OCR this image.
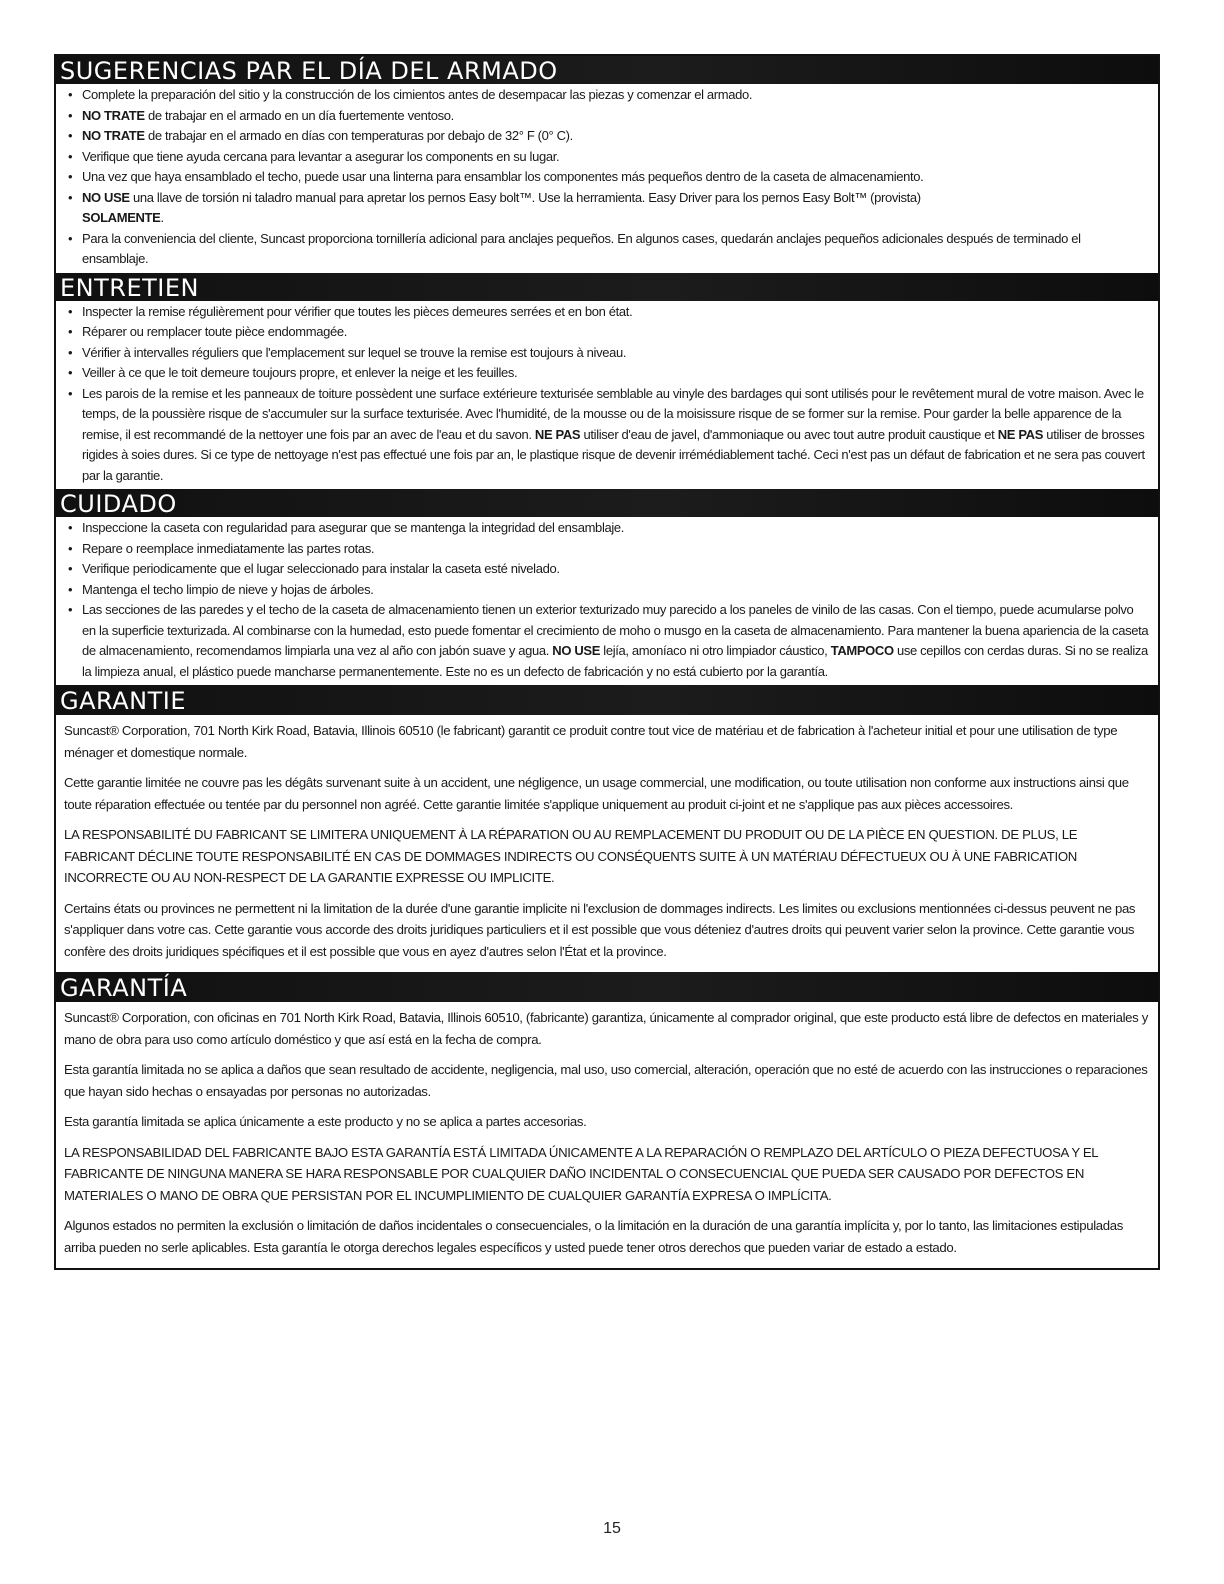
SUGERENCIAS PAR EL DÍA DEL ARMADO
• Complete la preparación del sitio y la construcción de los cimientos antes de desempacar las piezas y comenzar el armado.
• NO TRATE de trabajar en el armado en un día fuertemente ventoso.
• NO TRATE de trabajar en el armado en días con temperaturas por debajo de 32° F (0° C).
• Verifique que tiene ayuda cercana para levantar a asegurar los components en su lugar.
• Una vez que haya ensamblado el techo, puede usar una linterna para ensamblar los componentes más pequeños dentro de la caseta de almacenamiento.
• NO USE una llave de torsión ni taladro manual para apretar los pernos Easy bolt™. Use la herramienta. Easy Driver para los pernos Easy Bolt™ (provista)
SOLAMENTE.
• Para la conveniencia del cliente, Suncast proporciona tornillería adicional para anclajes pequeños. En algunos cases, quedarán anclajes pequeños adicionales después de terminado el ensamblaje.
ENTRETIEN
• Inspecter la remise régulièrement pour vérifier que toutes les pièces demeures serrées et en bon état.
• Réparer ou remplacer toute pièce endommagée.
• Vérifier à intervalles réguliers que l'emplacement sur lequel se trouve la remise est toujours à niveau.
• Veiller à ce que le toit demeure toujours propre, et enlever la neige et les feuilles.
• Les parois de la remise et les panneaux de toiture possèdent une surface extérieure texturisée semblable au vinyle des bardages qui sont utilisés pour le revêtement mural de votre maison. Avec le temps, de la poussière risque de s'accumuler sur la surface texturisée. Avec l'humidité, de la mousse ou de la moisissure risque de se former sur la remise. Pour garder la belle apparence de la remise, il est recommandé de la nettoyer une fois par an avec de l'eau et du savon. NE PAS utiliser d'eau de javel, d'ammoniaque ou avec tout autre produit caustique et NE PAS utiliser de brosses rigides à soies dures. Si ce type de nettoyage n'est pas effectué une fois par an, le plastique risque de devenir irrémédiablement taché. Ceci n'est pas un défaut de fabrication et ne sera pas couvert par la garantie.
CUIDADO
• Inspeccione la caseta con regularidad para asegurar que se mantenga la integridad del ensamblaje.
• Repare o reemplace inmediatamente las partes rotas.
• Verifique periodicamente que el lugar seleccionado para instalar la caseta esté nivelado.
• Mantenga el techo limpio de nieve y hojas de árboles.
• Las secciones de las paredes y el techo de la caseta de almacenamiento tienen un exterior texturizado muy parecido a los paneles de vinilo de las casas. Con el tiempo, puede acumularse polvo en la superficie texturizada. Al combinarse con la humedad, esto puede fomentar el crecimiento de moho o musgo en la caseta de almacenamiento. Para mantener la buena apariencia de la caseta de almacenamiento, recomendamos limpiarla una vez al año con jabón suave y agua. NO USE lejía, amoníaco ni otro limpiador cáustico, TAMPOCO use cepillos con cerdas duras. Si no se realiza la limpieza anual, el plástico puede mancharse permanentemente. Este no es un defecto de fabricación y no está cubierto por la garantía.
GARANTIE

Suncast® Corporation, 701 North Kirk Road, Batavia, Illinois 60510 (le fabricant) garantit ce produit contre tout vice de matériau et de fabrication à l'acheteur initial et pour une utilisation de type ménager et domestique normale.

Cette garantie limitée ne couvre pas les dégâts survenant suite à un accident, une négligence, un usage commercial, une modification, ou toute utilisation non conforme aux instructions ainsi que toute réparation effectuée ou tentée par du personnel non agréé. Cette garantie limitée s'applique uniquement au produit ci-joint et ne s'applique pas aux pièces accessoires.

LA RESPONSABILITÉ DU FABRICANT SE LIMITERA UNIQUEMENT À LA RÉPARATION OU AU REMPLACEMENT DU PRODUIT OU DE LA PIÈCE EN QUESTION. DE PLUS, LE FABRICANT DÉCLINE TOUTE RESPONSABILITÉ EN CAS DE DOMMAGES INDIRECTS OU CONSÉQUENTS SUITE À UN MATÉRIAU DÉFECTUEUX OU À UNE FABRICATION INCORRECTE OU AU NON-RESPECT DE LA GARANTIE EXPRESSE OU IMPLICITE.

Certains états ou provinces ne permettent ni la limitation de la durée d'une garantie implicite ni l'exclusion de dommages indirects. Les limites ou exclusions mentionnées ci-dessus peuvent ne pas s'appliquer dans votre cas. Cette garantie vous accorde des droits juridiques particuliers et il est possible que vous déteniez d'autres droits qui peuvent varier selon la province. Cette garantie vous confère des droits juridiques spécifiques et il est possible que vous en ayez d'autres selon l'État et la province.

GARANTÍA

Suncast® Corporation, con oficinas en 701 North Kirk Road, Batavia, Illinois 60510, (fabricante) garantiza, únicamente al comprador original, que este producto está libre de defectos en materiales y mano de obra para uso como artículo doméstico y que así está en la fecha de compra.

Esta garantía limitada no se aplica a daños que sean resultado de accidente, negligencia, mal uso, uso comercial, alteración, operación que no esté de acuerdo con las instrucciones o reparaciones que hayan sido hechas o ensayadas por personas no autorizadas.

Esta garantía limitada se aplica únicamente a este producto y no se aplica a partes accesorias.

LA RESPONSABILIDAD DEL FABRICANTE BAJO ESTA GARANTÍA ESTÁ LIMITADA ÚNICAMENTE A LA REPARACIÓN O REMPLAZO DEL ARTÍCULO O PIEZA DEFECTUOSA Y EL FABRICANTE DE NINGUNA MANERA SE HARA RESPONSABLE POR CUALQUIER DAÑO INCIDENTAL O CONSECUENCIAL QUE PUEDA SER CAUSADO POR DEFECTOS EN MATERIALES O MANO DE OBRA QUE PERSISTAN POR EL INCUMPLIMIENTO DE CUALQUIER GARANTÍA EXPRESA O IMPLÍCITA.

Algunos estados no permiten la exclusión o limitación de daños incidentales o consecuenciales, o la limitación en la duración de una garantía implícita y, por lo tanto, las limitaciones estipuladas arriba pueden no serle aplicables. Esta garantía le otorga derechos legales específicos y usted puede tener otros derechos que pueden variar de estado a estado.

15
